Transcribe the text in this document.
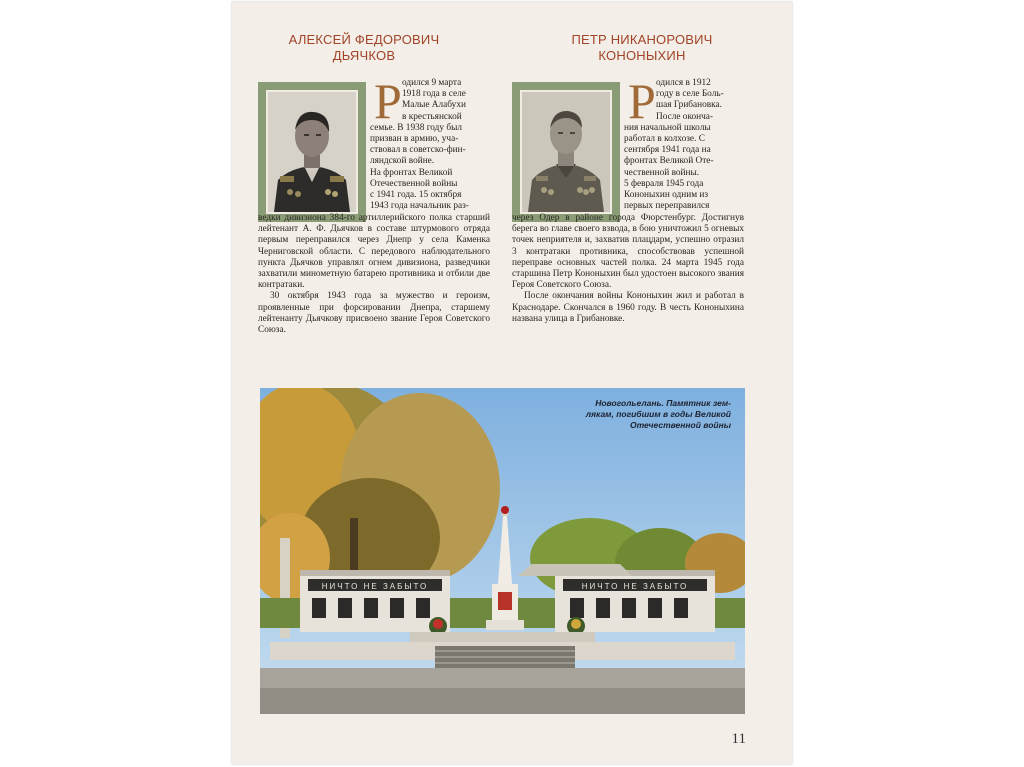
АЛЕКСЕЙ ФЕДОРОВИЧ
ДЬЯЧКОВ
ПЕТР НИКАНОРОВИЧ
КОНОНЫХИН
Р одился 9 марта
1918 года в селе
Малые Алабухи
в крестьянской
семье. В 1938 году был
призван в армию, уча-
ствовал в советско-фин-
ляндской войне.
На фронтах Великой
Отечественной войны
с 1941 года. 15 октября
1943 года начальник раз-

ведки дивизиона 384-го артиллерийского полка старший лейтенант А. Ф. Дьячков в составе штурмового отряда первым переправился через Днепр у села Каменка Черниговской области. С передового наблюдательного пункта Дьячков управлял огнем дивизиона, разведчики захватили минометную батарею противника и отбили две контратаки.

30 октября 1943 года за мужество и героизм, проявленные при форсировании Днепра, старшему лейтенанту Дьячкову присвоено звание Героя Советского Союза.

Р одился в 1912
году в селе Боль-
шая Грибановка.
После оконча-
ния начальной школы
работал в колхозе. С
сентября 1941 года на
фронтах Великой Оте-
чественной войны.
5 февраля 1945 года
Кононыхин одним из
первых переправился

через Одер в районе города Фюрстенбург. Достигнув берега во главе своего взвода, в бою уничтожил 5 огневых точек неприятеля и, захватив плацдарм, успешно отразил 3 контратаки противника, способствовав успешной переправе основных частей полка. 24 марта 1945 года старшина Петр Кононыхин был удостоен высокого звания Героя Советского Союза.

После окончания войны Кононыхин жил и работал в Краснодаре. Скончался в 1960 году. В честь Кононыхина названа улица в Грибановке.

НИЧТО НЕ ЗАБЫТО	НИЧТО НЕ ЗАБЫТО
Новогольелань. Памятник зем-
лякам, погибшим в годы Великой
Отечественной войны
11
